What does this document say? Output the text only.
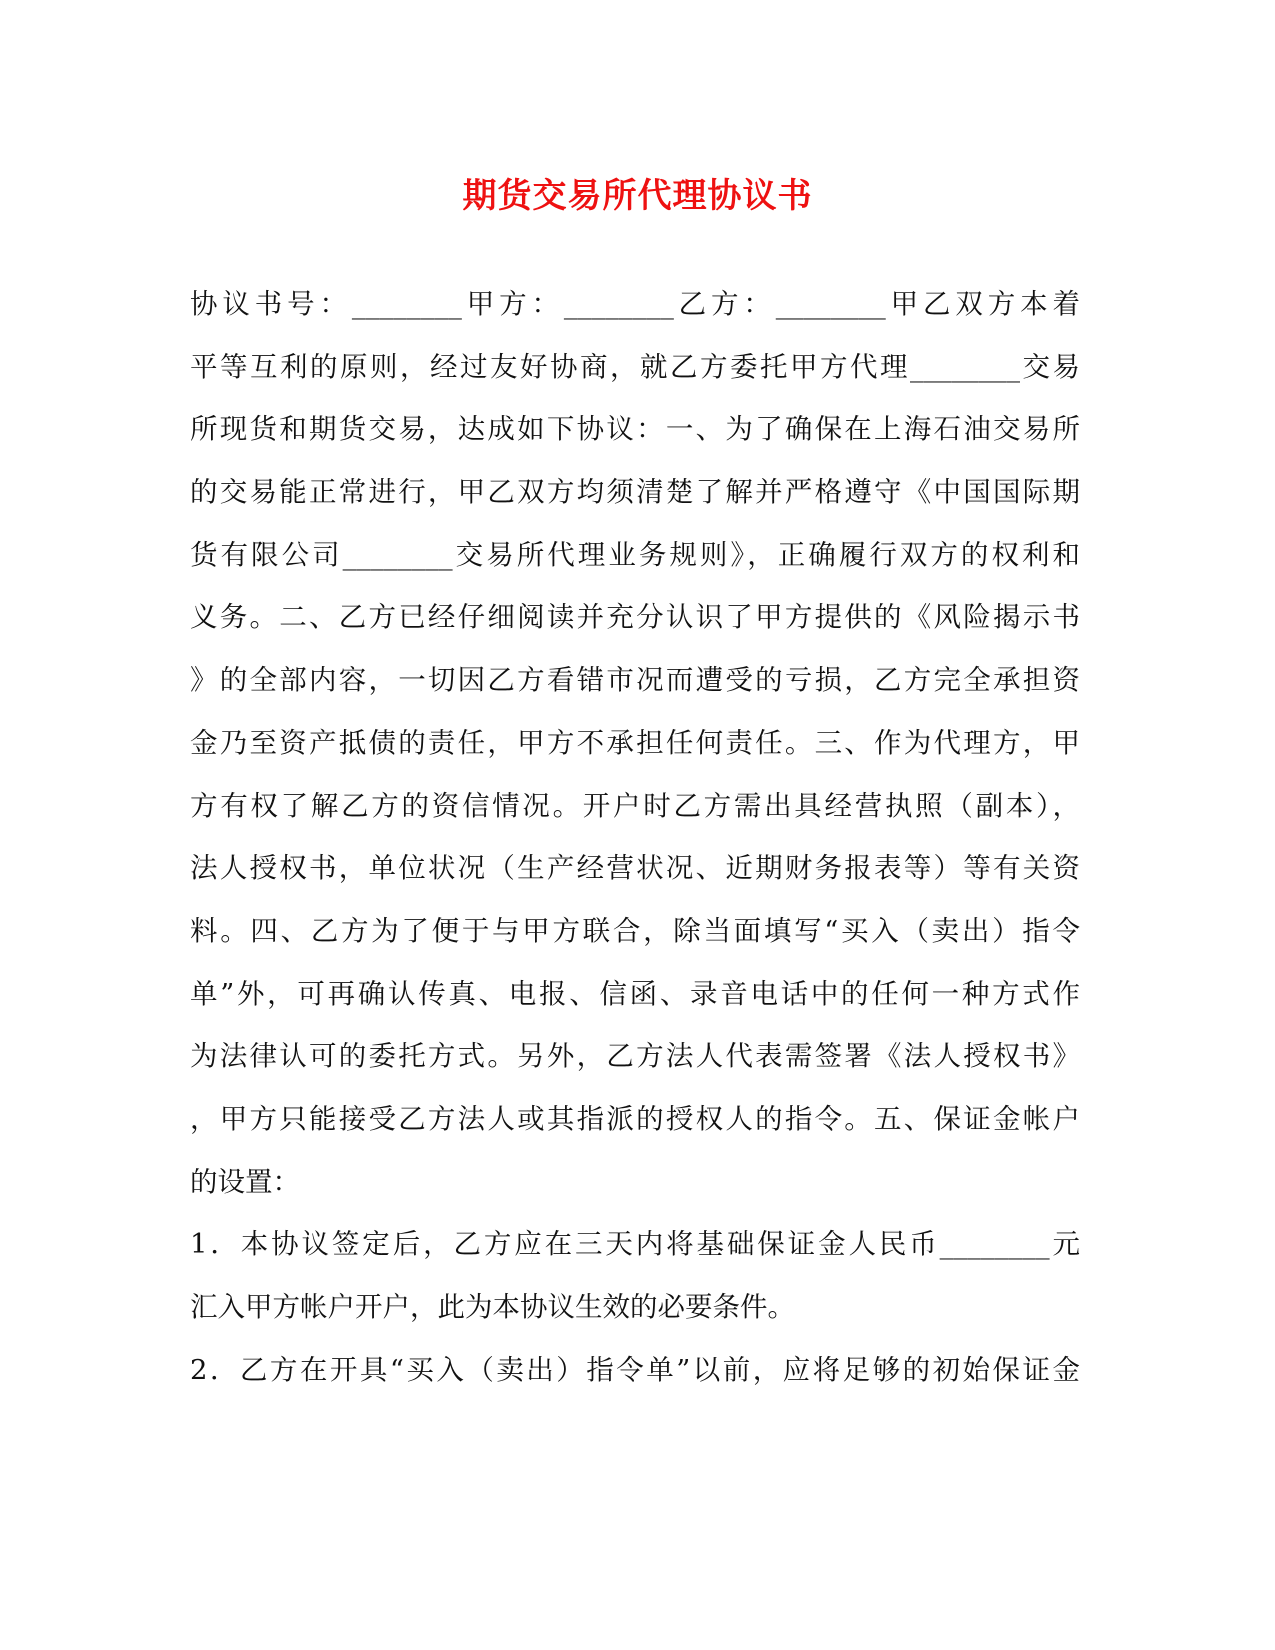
期货交易所代理协议书
协议书号：________甲方：________乙方：________甲乙双方本着
平等互利的原则，经过友好协商，就乙方委托甲方代理________交易
所现货和期货交易，达成如下协议：一、为了确保在上海石油交易所
的交易能正常进行，甲乙双方均须清楚了解并严格遵守《中国国际期
货有限公司________交易所代理业务规则》，正确履行双方的权利和
义务。二、乙方已经仔细阅读并充分认识了甲方提供的《风险揭示书
》的全部内容，一切因乙方看错市况而遭受的亏损，乙方完全承担资
金乃至资产抵债的责任，甲方不承担任何责任。三、作为代理方，甲
方有权了解乙方的资信情况。开户时乙方需出具经营执照（副本），
法人授权书，单位状况（生产经营状况、近期财务报表等）等有关资
料。四、乙方为了便于与甲方联合，除当面填写“买入（卖出）指令
单”外，可再确认传真、电报、信函、录音电话中的任何一种方式作
为法律认可的委托方式。另外，乙方法人代表需签署《法人授权书》
，甲方只能接受乙方法人或其指派的授权人的指令。五、保证金帐户
的设置：
1．本协议签定后，乙方应在三天内将基础保证金人民币________元
汇入甲方帐户开户，此为本协议生效的必要条件。
2．乙方在开具“买入（卖出）指令单”以前，应将足够的初始保证金
